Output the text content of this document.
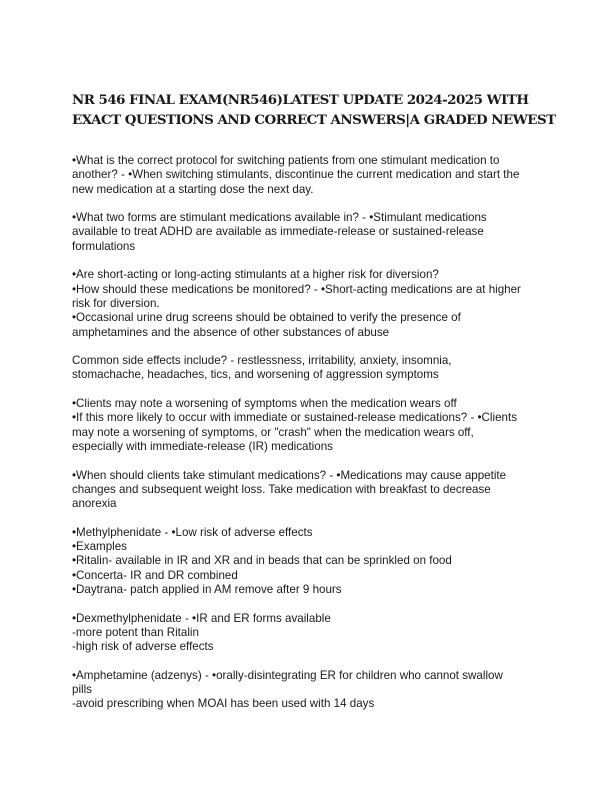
NR 546 FINAL EXAM(NR546)LATEST UPDATE 2024-2025 WITH
EXACT QUESTIONS AND CORRECT ANSWERS|A GRADED NEWEST

•What is the correct protocol for switching patients from one stimulant medication to
another? - •When switching stimulants, discontinue the current medication and start the
new medication at a starting dose the next day.

•What two forms are stimulant medications available in? - •Stimulant medications
available to treat ADHD are available as immediate-release or sustained-release
formulations

•Are short-acting or long-acting stimulants at a higher risk for diversion?
•How should these medications be monitored? - •Short-acting medications are at higher
risk for diversion.
•Occasional urine drug screens should be obtained to verify the presence of
amphetamines and the absence of other substances of abuse

Common side effects include? - restlessness, irritability, anxiety, insomnia,
stomachache, headaches, tics, and worsening of aggression symptoms

•Clients may note a worsening of symptoms when the medication wears off
•If this more likely to occur with immediate or sustained-release medications? - •Clients
may note a worsening of symptoms, or "crash" when the medication wears off,
especially with immediate-release (IR) medications

•When should clients take stimulant medications? - •Medications may cause appetite
changes and subsequent weight loss. Take medication with breakfast to decrease
anorexia

•Methylphenidate - •Low risk of adverse effects
•Examples
•Ritalin- available in IR and XR and in beads that can be sprinkled on food
•Concerta- IR and DR combined
•Daytrana- patch applied in AM remove after 9 hours

•Dexmethylphenidate - •IR and ER forms available
-more potent than Ritalin
-high risk of adverse effects

•Amphetamine (adzenys) - •orally-disintegrating ER for children who cannot swallow
pills
-avoid prescribing when MOAI has been used with 14 days
